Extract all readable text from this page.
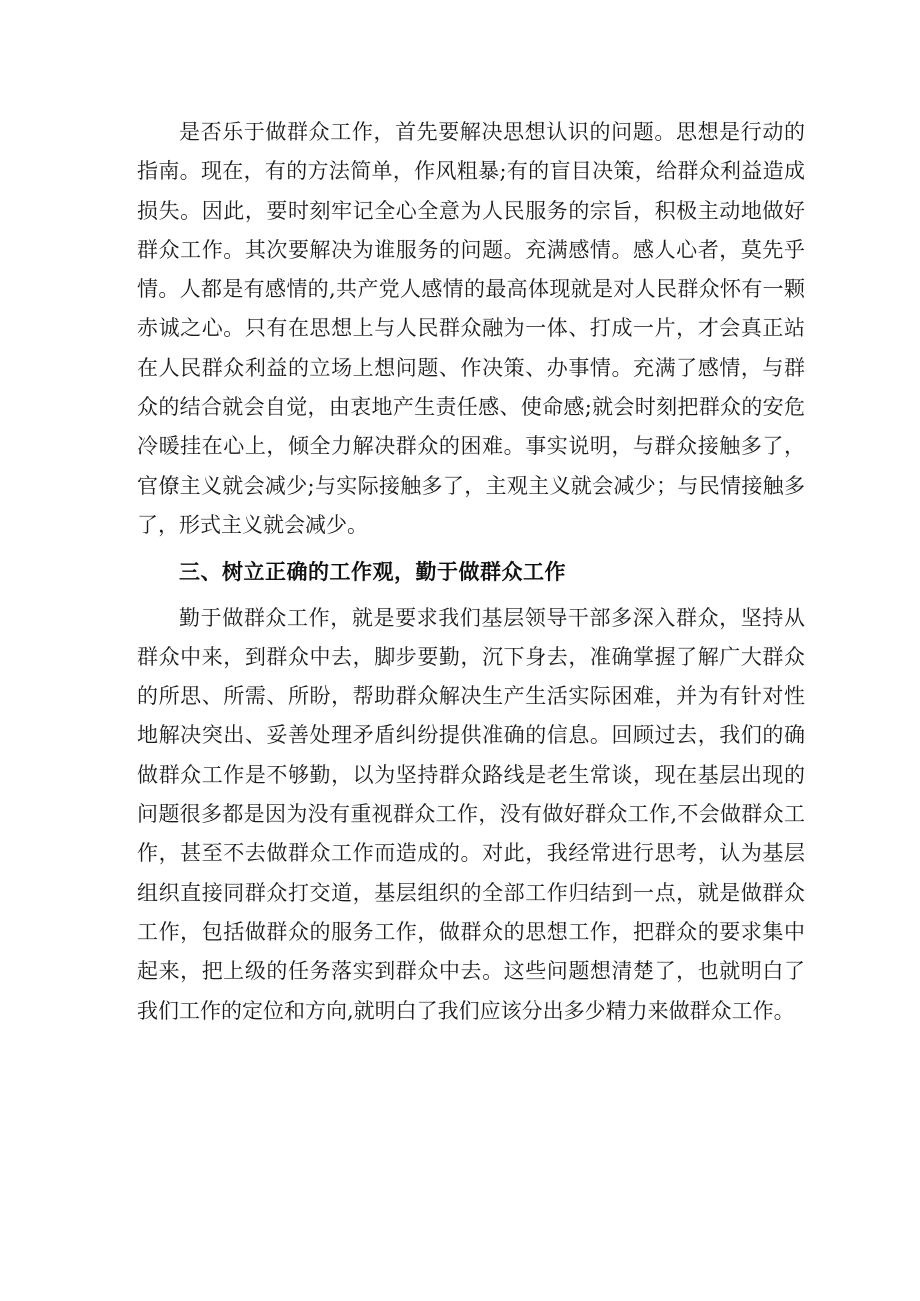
是否乐于做群众工作，首先要解决思想认识的问题。思想是行动的指南。现在，有的方法简单，作风粗暴;有的盲目决策，给群众利益造成损失。因此，要时刻牢记全心全意为人民服务的宗旨，积极主动地做好群众工作。其次要解决为谁服务的问题。充满感情。感人心者，莫先乎情。人都是有感情的,共产党人感情的最高体现就是对人民群众怀有一颗赤诚之心。只有在思想上与人民群众融为一体、打成一片，才会真正站在人民群众利益的立场上想问题、作决策、办事情。充满了感情，与群众的结合就会自觉，由衷地产生责任感、使命感;就会时刻把群众的安危冷暖挂在心上，倾全力解决群众的困难。事实说明，与群众接触多了，官僚主义就会减少;与实际接触多了，主观主义就会减少；与民情接触多了，形式主义就会减少。

三、树立正确的工作观，勤于做群众工作

勤于做群众工作，就是要求我们基层领导干部多深入群众，坚持从群众中来，到群众中去，脚步要勤，沉下身去，准确掌握了解广大群众的所思、所需、所盼，帮助群众解决生产生活实际困难，并为有针对性地解决突出、妥善处理矛盾纠纷提供准确的信息。回顾过去，我们的确做群众工作是不够勤，以为坚持群众路线是老生常谈，现在基层出现的问题很多都是因为没有重视群众工作，没有做好群众工作,不会做群众工作，甚至不去做群众工作而造成的。对此，我经常进行思考，认为基层组织直接同群众打交道，基层组织的全部工作归结到一点，就是做群众工作，包括做群众的服务工作，做群众的思想工作，把群众的要求集中起来，把上级的任务落实到群众中去。这些问题想清楚了，也就明白了我们工作的定位和方向,就明白了我们应该分出多少精力来做群众工作。
